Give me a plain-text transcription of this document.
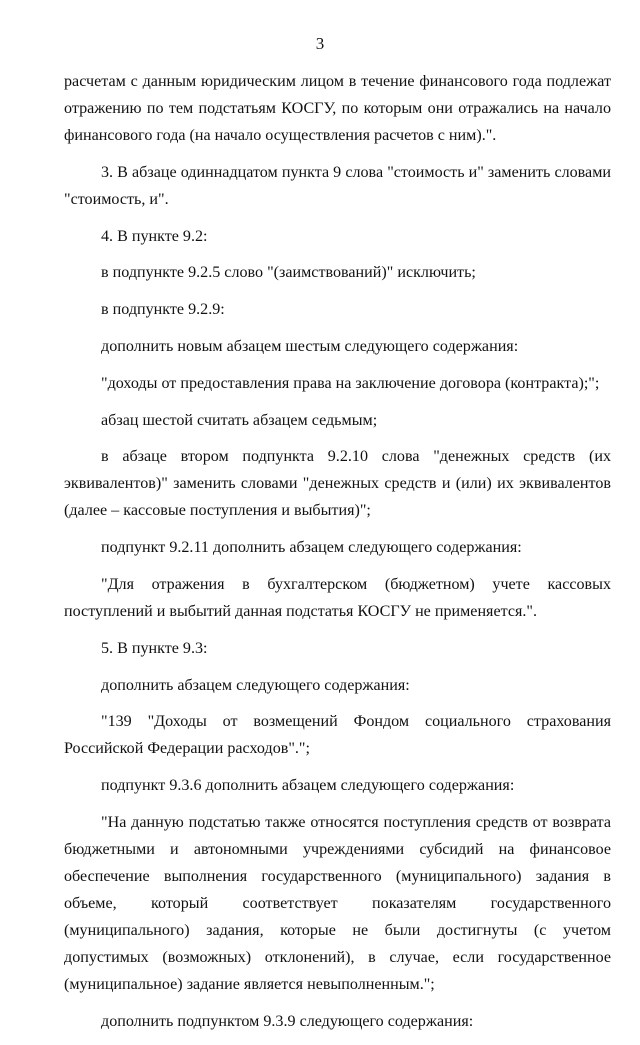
3

расчетам с данным юридическим лицом в течение финансового года подлежат отражению по тем подстатьям КОСГУ, по которым они отражались на начало финансового года (на начало осуществления расчетов с ним).".

3. В абзаце одиннадцатом пункта 9 слова "стоимость и" заменить словами "стоимость, и".

4. В пункте 9.2:

в подпункте 9.2.5 слово "(заимствований)" исключить;

в подпункте 9.2.9:

дополнить новым абзацем шестым следующего содержания:

"доходы от предоставления права на заключение договора (контракта);";

абзац шестой считать абзацем седьмым;

в абзаце втором подпункта 9.2.10 слова "денежных средств (их эквивалентов)" заменить словами "денежных средств и (или) их эквивалентов (далее – кассовые поступления и выбытия)";

подпункт 9.2.11 дополнить абзацем следующего содержания:

"Для отражения в бухгалтерском (бюджетном) учете кассовых поступлений и выбытий данная подстатья КОСГУ не применяется.".

5. В пункте 9.3:

дополнить абзацем следующего содержания:

"139 "Доходы от возмещений Фондом социального страхования Российской Федерации расходов".";

подпункт 9.3.6 дополнить абзацем следующего содержания:

"На данную подстатью также относятся поступления средств от возврата бюджетными и автономными учреждениями субсидий на финансовое обеспечение выполнения государственного (муниципального) задания в объеме, который соответствует показателям государственного (муниципального) задания, которые не были достигнуты (с учетом допустимых (возможных) отклонений), в случае, если государственное (муниципальное) задание является невыполненным.";

дополнить подпунктом 9.3.9 следующего содержания:
